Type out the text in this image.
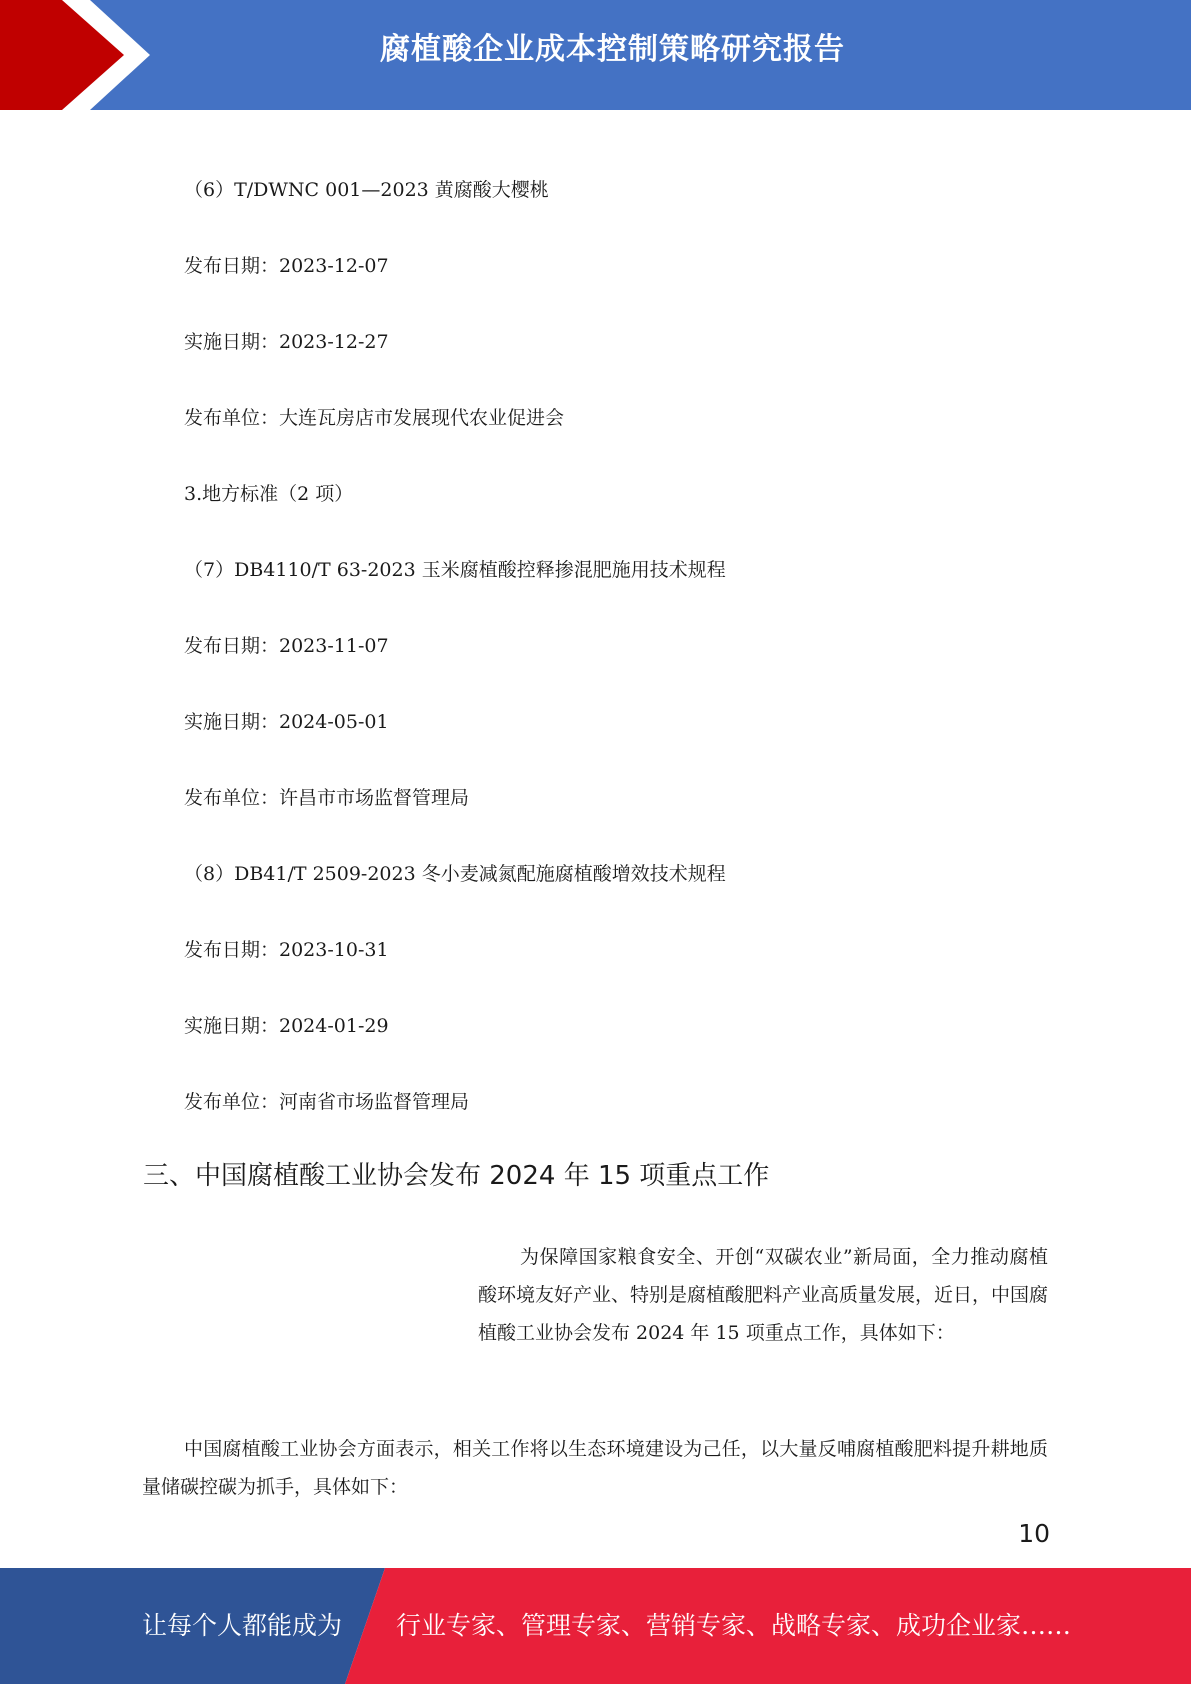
腐植酸企业成本控制策略研究报告
（6）T/DWNC 001—2023 黄腐酸大樱桃
发布日期：2023-12-07
实施日期：2023-12-27
发布单位：大连瓦房店市发展现代农业促进会
3.地方标准（2 项）
（7）DB4110/T 63-2023 玉米腐植酸控释掺混肥施用技术规程
发布日期：2023-11-07
实施日期：2024-05-01
发布单位：许昌市市场监督管理局
（8）DB41/T 2509-2023 冬小麦减氮配施腐植酸增效技术规程
发布日期：2023-10-31
实施日期：2024-01-29
发布单位：河南省市场监督管理局
三、中国腐植酸工业协会发布 2024 年 15 项重点工作
为保障国家粮食安全、开创“双碳农业”新局面，全力推动腐植酸环境友好产业、特别是腐植酸肥料产业高质量发展，近日，中国腐植酸工业协会发布 2024 年 15 项重点工作，具体如下：
中国腐植酸工业协会方面表示，相关工作将以生态环境建设为己任，以大量反哺腐植酸肥料提升耕地质量储碳控碳为抓手，具体如下：
10
让每个人都能成为 行业专家、管理专家、营销专家、战略专家、成功企业家……
